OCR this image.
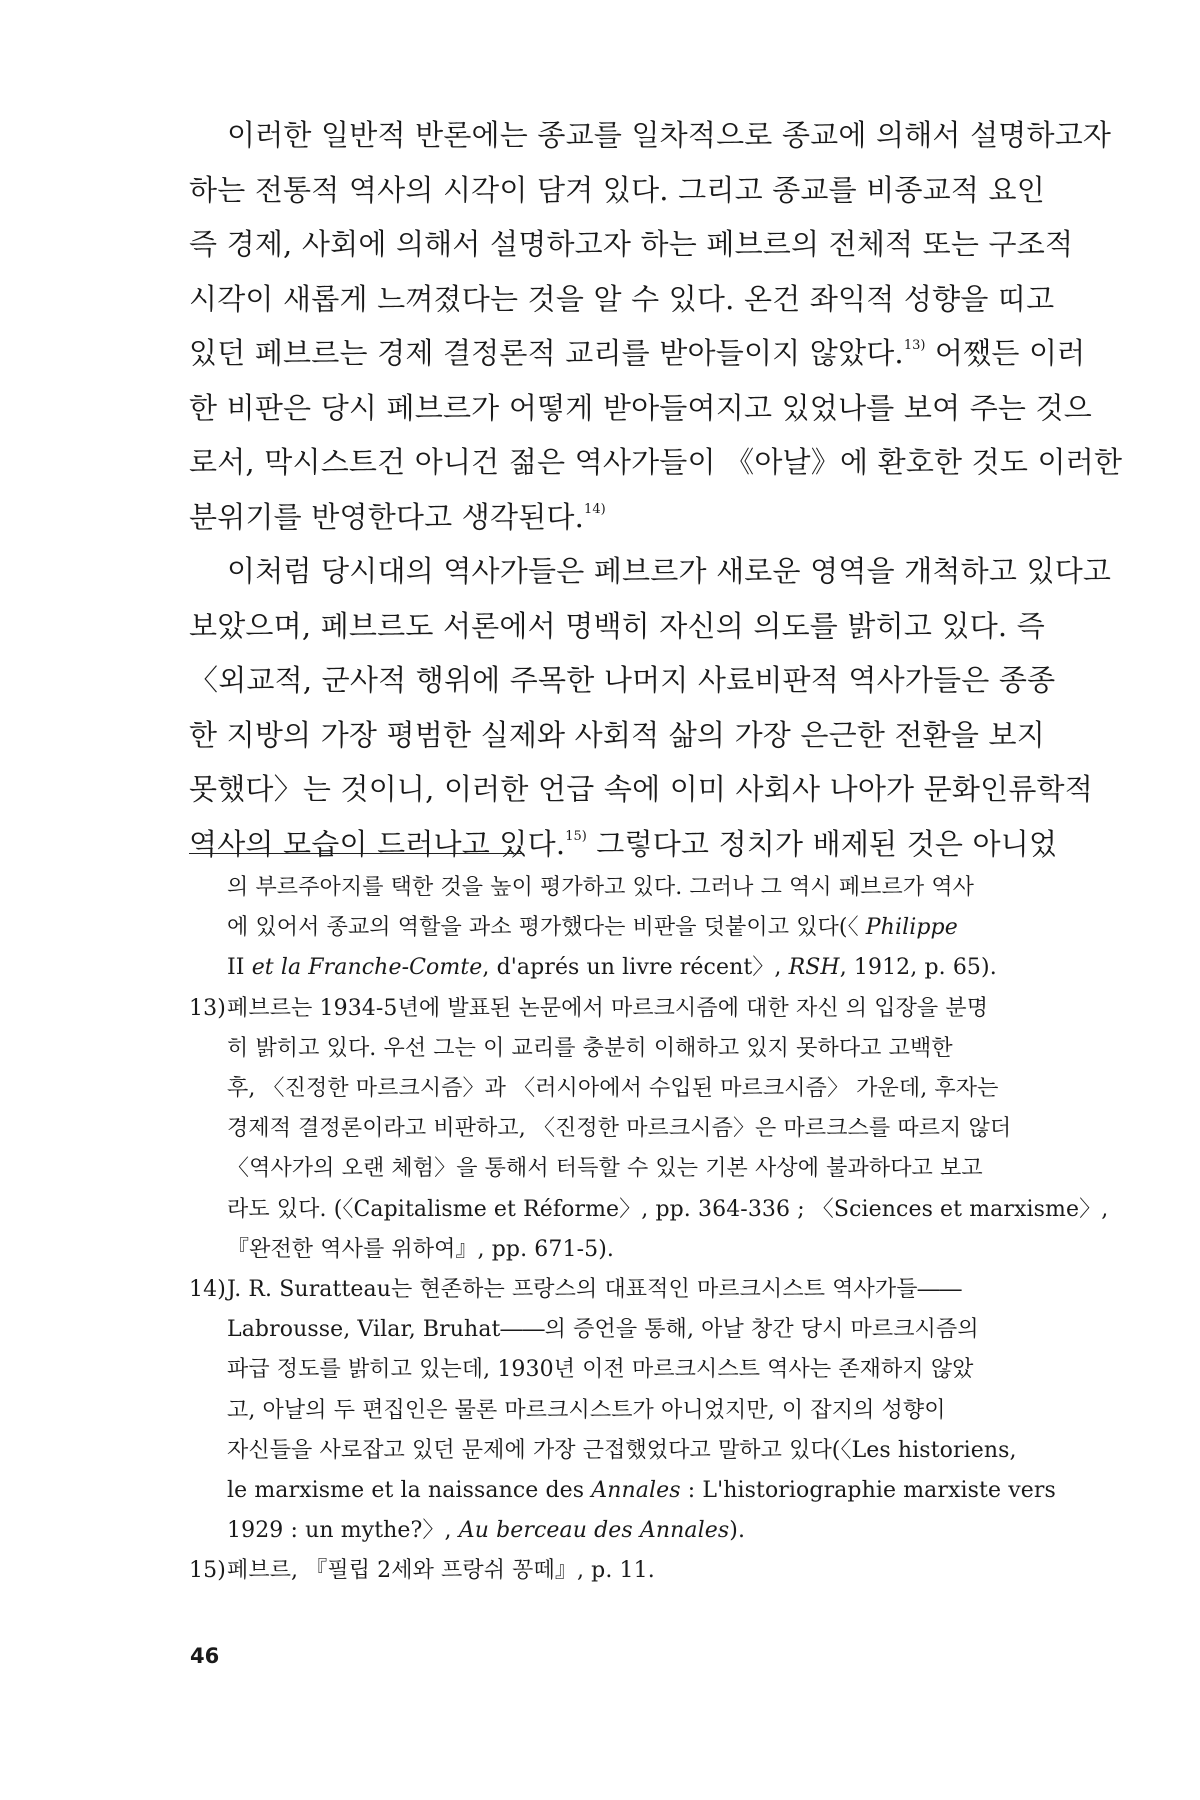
이러한 일반적 반론에는 종교를 일차적으로 종교에 의해서 설명하고자
하는 전통적 역사의 시각이 담겨 있다. 그리고 종교를 비종교적 요인
즉 경제, 사회에 의해서 설명하고자 하는 페브르의 전체적 또는 구조적
시각이 새롭게 느껴졌다는 것을 알 수 있다. 온건 좌익적 성향을 띠고
있던 페브르는 경제 결정론적 교리를 받아들이지 않았다.$^{13)}$ 어쨌든 이러
한 비판은 당시 페브르가 어떻게 받아들여지고 있었나를 보여 주는 것으
로서, 막시스트건 아니건 젊은 역사가들이 《아날》에 환호한 것도 이러한
분위기를 반영한다고 생각된다.$^{14)}$
이처럼 당시대의 역사가들은 페브르가 새로운 영역을 개척하고 있다고
보았으며, 페브르도 서론에서 명백히 자신의 의도를 밝히고 있다. 즉
〈외교적, 군사적 행위에 주목한 나머지 사료비판적 역사가들은 종종
한 지방의 가장 평범한 실제와 사회적 삶의 가장 은근한 전환을 보지
못했다〉는 것이니, 이러한 언급 속에 이미 사회사 나아가 문화인류학적
역사의 모습이 드러나고 있다.$^{15)}$ 그렇다고 정치가 배제된 것은 아니었
의 부르주아지를 택한 것을 높이 평가하고 있다. 그러나 그 역시 페브르가 역사
에 있어서 종교의 역할을 과소 평가했다는 비판을 덧붙이고 있다(〈 Philippe
II et la Franche-Comte, d'aprés un livre récent〉, RSH, 1912, p. 65).
13)페브르는 1934-5년에 발표된 논문에서 마르크시즘에 대한 자신 의 입장을 분명
히 밝히고 있다. 우선 그는 이 교리를 충분히 이해하고 있지 못하다고 고백한
후, 〈진정한 마르크시즘〉과 〈러시아에서 수입된 마르크시즘〉 가운데, 후자는
경제적 결정론이라고 비판하고, 〈진정한 마르크시즘〉은 마르크스를 따르지 않더
〈역사가의 오랜 체험〉을 통해서 터득할 수 있는 기본 사상에 불과하다고 보고
라도 있다. (〈Capitalisme et Réforme〉, pp. 364-336 ; 〈Sciences et marxisme〉,
『완전한 역사를 위하여』, pp. 671-5).
14)J. R. Suratteau는 현존하는 프랑스의 대표적인 마르크시스트 역사가들――
Labrousse, Vilar, Bruhat――의 증언을 통해, 아날 창간 당시 마르크시즘의
파급 정도를 밝히고 있는데, 1930년 이전 마르크시스트 역사는 존재하지 않았
고, 아날의 두 편집인은 물론 마르크시스트가 아니었지만, 이 잡지의 성향이
자신들을 사로잡고 있던 문제에 가장 근접했었다고 말하고 있다(〈Les historiens,
le marxisme et la naissance des Annales : L'historiographie marxiste vers
1929 : un mythe?〉, Au berceau des Annales).
15)페브르, 『필립 2세와 프랑쉬 꽁떼』, p. 11.
46
